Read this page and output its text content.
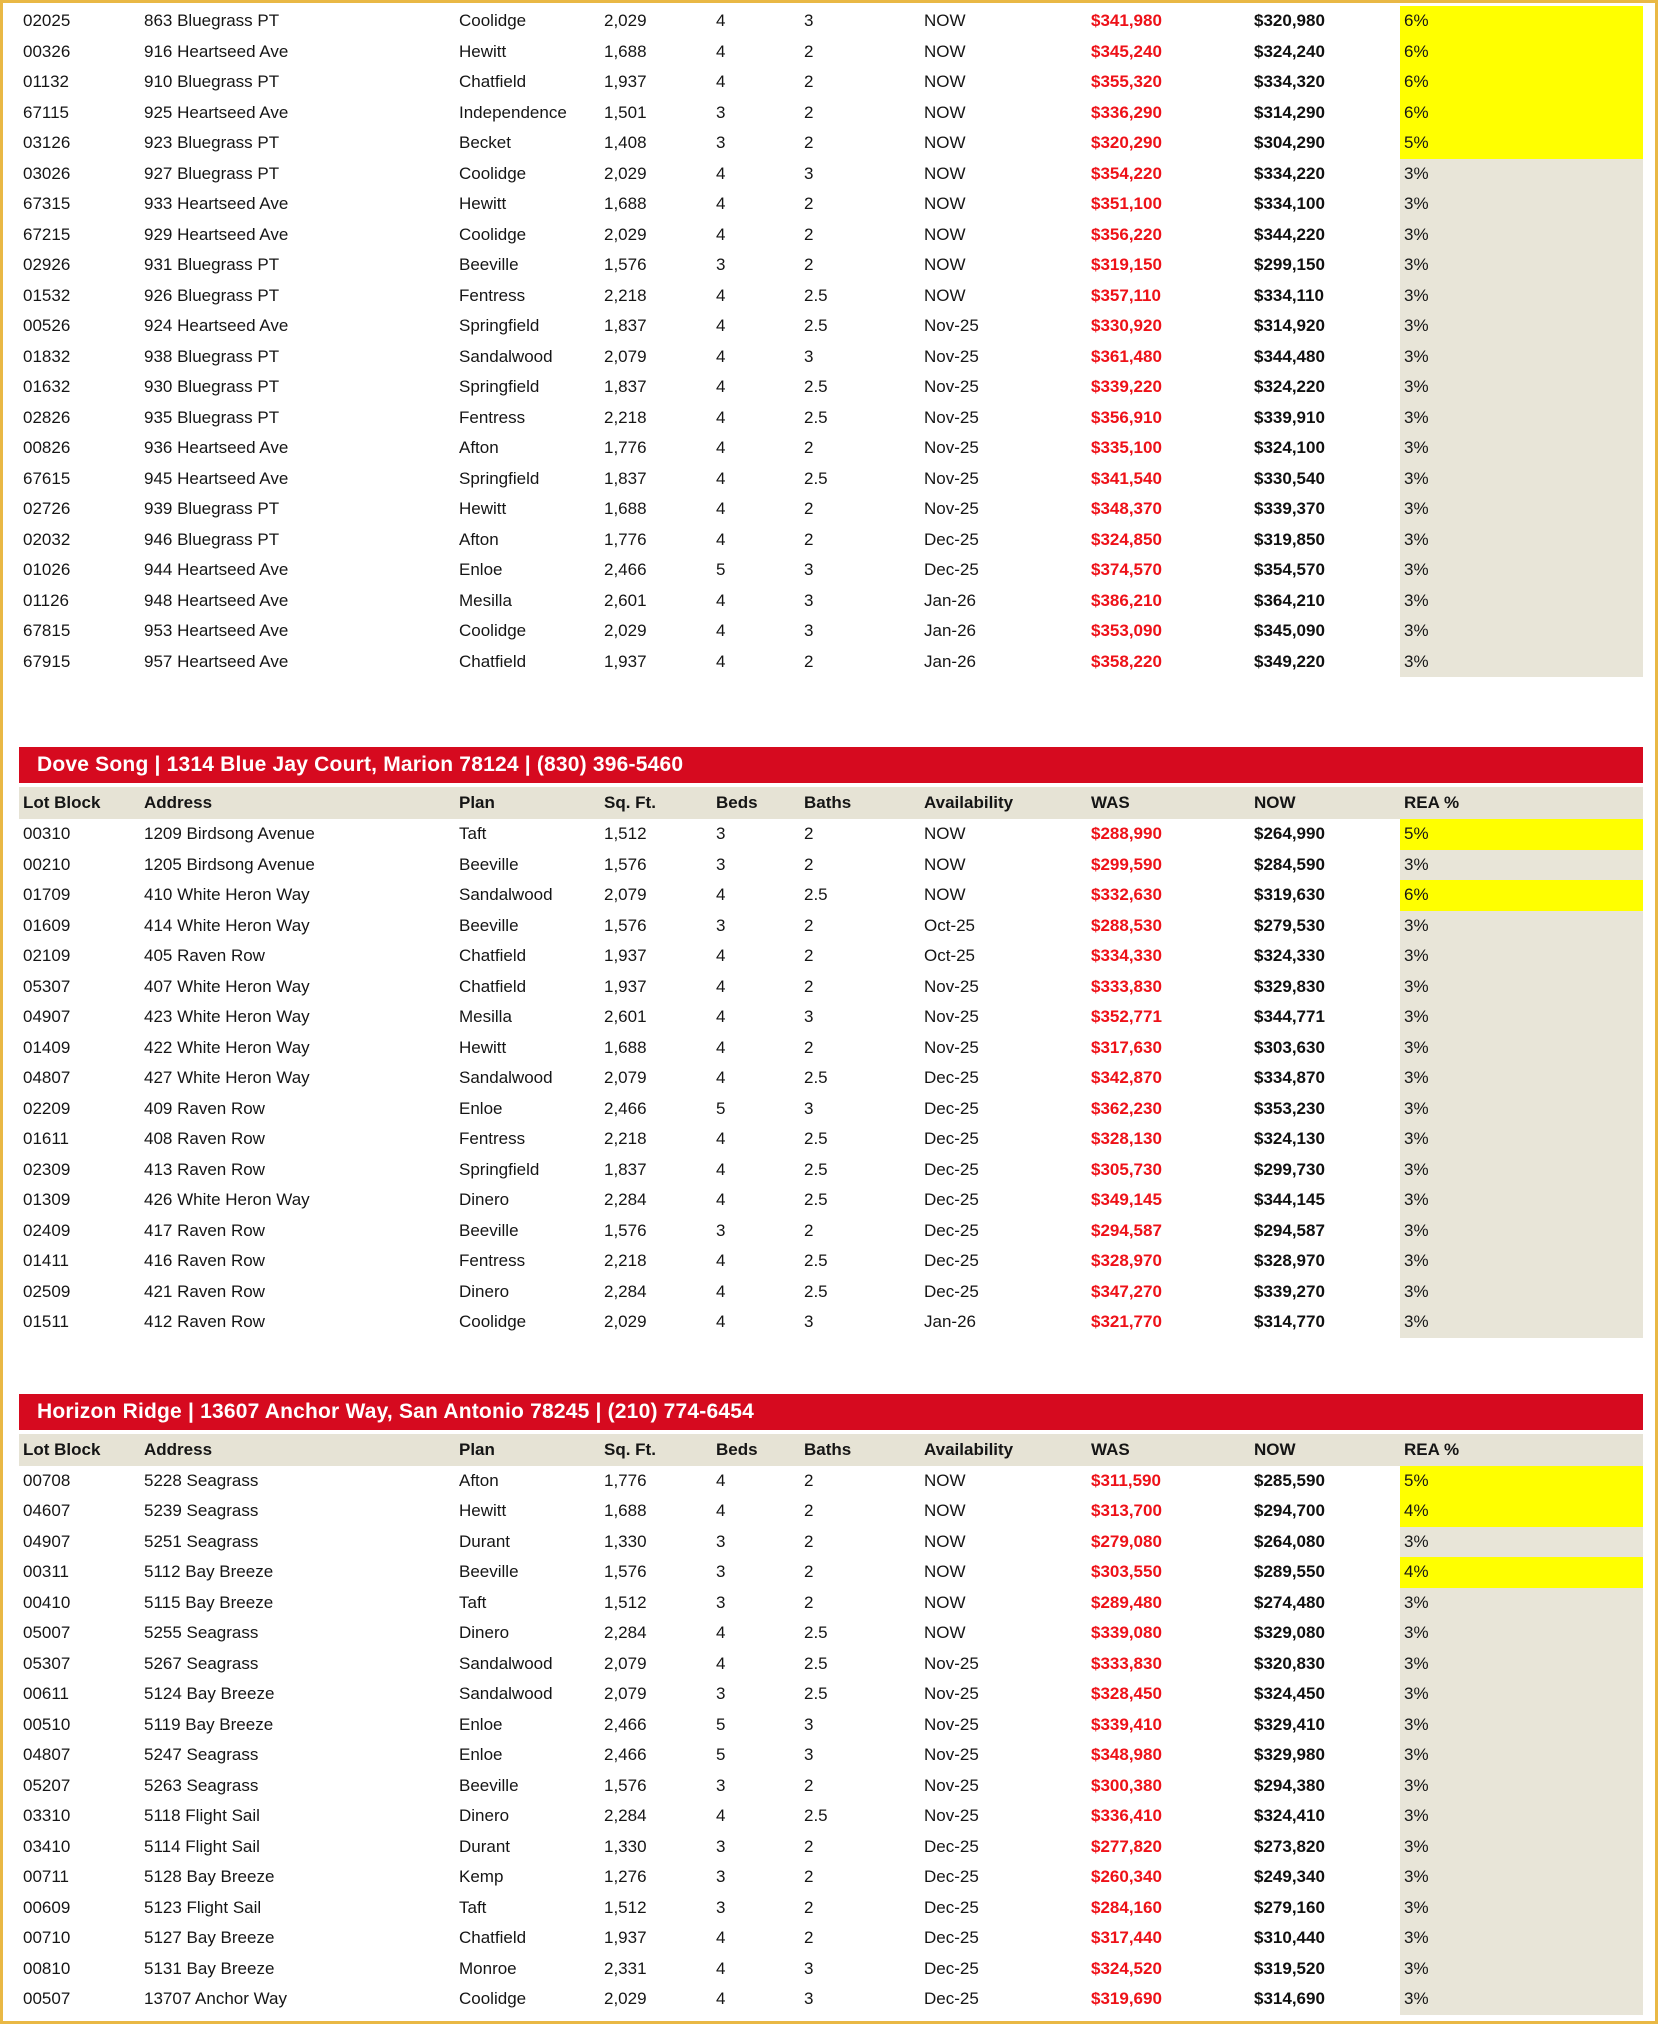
02025	863 Bluegrass PT	Coolidge	2,029	4	3	NOW	$341,980	$320,980	6%
00326	916 Heartseed Ave	Hewitt	1,688	4	2	NOW	$345,240	$324,240	6%
01132	910 Bluegrass PT	Chatfield	1,937	4	2	NOW	$355,320	$334,320	6%
67115	925 Heartseed Ave	Independence	1,501	3	2	NOW	$336,290	$314,290	6%
03126	923 Bluegrass PT	Becket	1,408	3	2	NOW	$320,290	$304,290	5%
03026	927 Bluegrass PT	Coolidge	2,029	4	3	NOW	$354,220	$334,220	3%
67315	933 Heartseed Ave	Hewitt	1,688	4	2	NOW	$351,100	$334,100	3%
67215	929 Heartseed Ave	Coolidge	2,029	4	2	NOW	$356,220	$344,220	3%
02926	931 Bluegrass PT	Beeville	1,576	3	2	NOW	$319,150	$299,150	3%
01532	926 Bluegrass PT	Fentress	2,218	4	2.5	NOW	$357,110	$334,110	3%
00526	924 Heartseed Ave	Springfield	1,837	4	2.5	Nov-25	$330,920	$314,920	3%
01832	938 Bluegrass PT	Sandalwood	2,079	4	3	Nov-25	$361,480	$344,480	3%
01632	930 Bluegrass PT	Springfield	1,837	4	2.5	Nov-25	$339,220	$324,220	3%
02826	935 Bluegrass PT	Fentress	2,218	4	2.5	Nov-25	$356,910	$339,910	3%
00826	936 Heartseed Ave	Afton	1,776	4	2	Nov-25	$335,100	$324,100	3%
67615	945 Heartseed Ave	Springfield	1,837	4	2.5	Nov-25	$341,540	$330,540	3%
02726	939 Bluegrass PT	Hewitt	1,688	4	2	Nov-25	$348,370	$339,370	3%
02032	946 Bluegrass PT	Afton	1,776	4	2	Dec-25	$324,850	$319,850	3%
01026	944 Heartseed Ave	Enloe	2,466	5	3	Dec-25	$374,570	$354,570	3%
01126	948 Heartseed Ave	Mesilla	2,601	4	3	Jan-26	$386,210	$364,210	3%
67815	953 Heartseed Ave	Coolidge	2,029	4	3	Jan-26	$353,090	$345,090	3%
67915	957 Heartseed Ave	Chatfield	1,937	4	2	Jan-26	$358,220	$349,220	3%
Dove Song | 1314 Blue Jay Court, Marion 78124 | (830) 396-5460
Lot Block	Address	Plan	Sq. Ft.	Beds	Baths	Availability	WAS	NOW	REA %
00310	1209 Birdsong Avenue	Taft	1,512	3	2	NOW	$288,990	$264,990	5%
00210	1205 Birdsong Avenue	Beeville	1,576	3	2	NOW	$299,590	$284,590	3%
01709	410 White Heron Way	Sandalwood	2,079	4	2.5	NOW	$332,630	$319,630	6%
01609	414 White Heron Way	Beeville	1,576	3	2	Oct-25	$288,530	$279,530	3%
02109	405 Raven Row	Chatfield	1,937	4	2	Oct-25	$334,330	$324,330	3%
05307	407 White Heron Way	Chatfield	1,937	4	2	Nov-25	$333,830	$329,830	3%
04907	423 White Heron Way	Mesilla	2,601	4	3	Nov-25	$352,771	$344,771	3%
01409	422 White Heron Way	Hewitt	1,688	4	2	Nov-25	$317,630	$303,630	3%
04807	427 White Heron Way	Sandalwood	2,079	4	2.5	Dec-25	$342,870	$334,870	3%
02209	409 Raven Row	Enloe	2,466	5	3	Dec-25	$362,230	$353,230	3%
01611	408 Raven Row	Fentress	2,218	4	2.5	Dec-25	$328,130	$324,130	3%
02309	413 Raven Row	Springfield	1,837	4	2.5	Dec-25	$305,730	$299,730	3%
01309	426 White Heron Way	Dinero	2,284	4	2.5	Dec-25	$349,145	$344,145	3%
02409	417 Raven Row	Beeville	1,576	3	2	Dec-25	$294,587	$294,587	3%
01411	416 Raven Row	Fentress	2,218	4	2.5	Dec-25	$328,970	$328,970	3%
02509	421 Raven Row	Dinero	2,284	4	2.5	Dec-25	$347,270	$339,270	3%
01511	412 Raven Row	Coolidge	2,029	4	3	Jan-26	$321,770	$314,770	3%
Horizon Ridge | 13607 Anchor Way, San Antonio 78245 | (210) 774-6454
Lot Block	Address	Plan	Sq. Ft.	Beds	Baths	Availability	WAS	NOW	REA %
00708	5228 Seagrass	Afton	1,776	4	2	NOW	$311,590	$285,590	5%
04607	5239 Seagrass	Hewitt	1,688	4	2	NOW	$313,700	$294,700	4%
04907	5251 Seagrass	Durant	1,330	3	2	NOW	$279,080	$264,080	3%
00311	5112 Bay Breeze	Beeville	1,576	3	2	NOW	$303,550	$289,550	4%
00410	5115 Bay Breeze	Taft	1,512	3	2	NOW	$289,480	$274,480	3%
05007	5255 Seagrass	Dinero	2,284	4	2.5	NOW	$339,080	$329,080	3%
05307	5267 Seagrass	Sandalwood	2,079	4	2.5	Nov-25	$333,830	$320,830	3%
00611	5124 Bay Breeze	Sandalwood	2,079	3	2.5	Nov-25	$328,450	$324,450	3%
00510	5119 Bay Breeze	Enloe	2,466	5	3	Nov-25	$339,410	$329,410	3%
04807	5247 Seagrass	Enloe	2,466	5	3	Nov-25	$348,980	$329,980	3%
05207	5263 Seagrass	Beeville	1,576	3	2	Nov-25	$300,380	$294,380	3%
03310	5118 Flight Sail	Dinero	2,284	4	2.5	Nov-25	$336,410	$324,410	3%
03410	5114 Flight Sail	Durant	1,330	3	2	Dec-25	$277,820	$273,820	3%
00711	5128 Bay Breeze	Kemp	1,276	3	2	Dec-25	$260,340	$249,340	3%
00609	5123 Flight Sail	Taft	1,512	3	2	Dec-25	$284,160	$279,160	3%
00710	5127 Bay Breeze	Chatfield	1,937	4	2	Dec-25	$317,440	$310,440	3%
00810	5131 Bay Breeze	Monroe	2,331	4	3	Dec-25	$324,520	$319,520	3%
00507	13707 Anchor Way	Coolidge	2,029	4	3	Dec-25	$319,690	$314,690	3%
